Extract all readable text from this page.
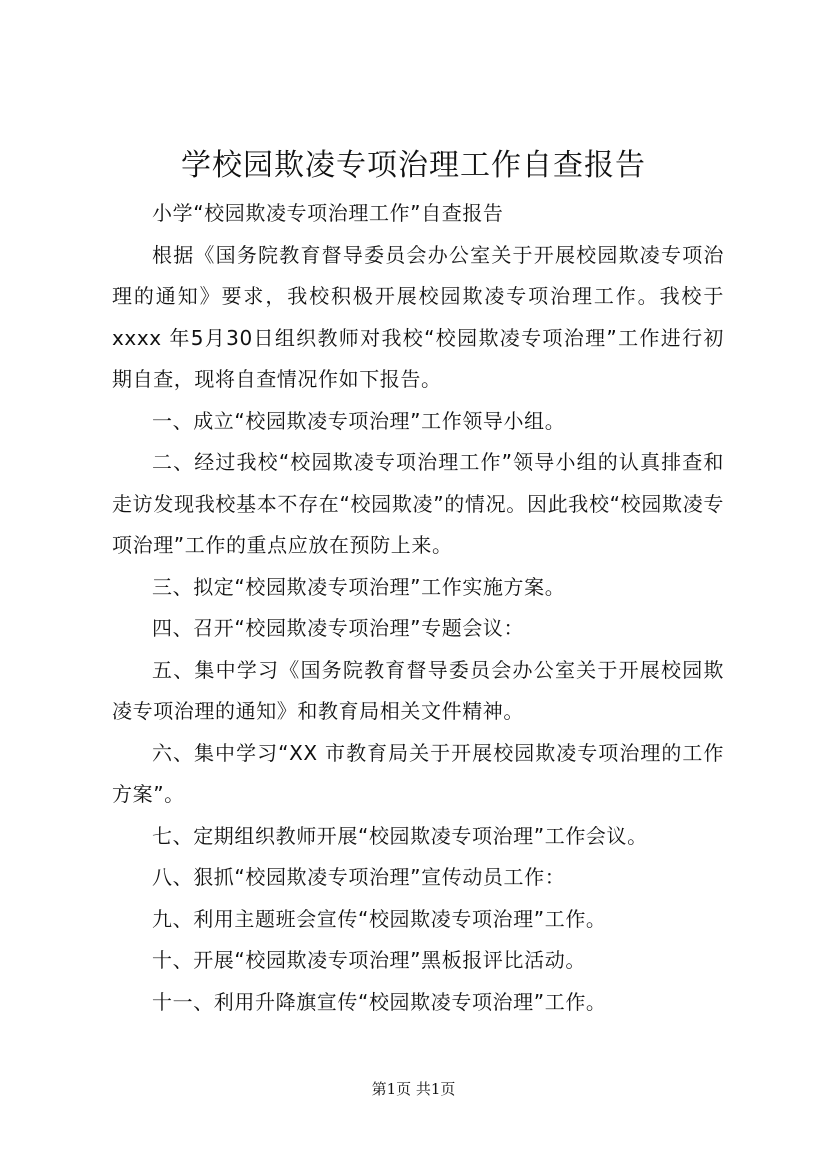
学校园欺凌专项治理工作自查报告

小学“校园欺凌专项治理工作”自查报告

根据《国务院教育督导委员会办公室关于开展校园欺凌专项治理的通知》要求，我校积极开展校园欺凌专项治理工作。我校于 xxxx 年5月30日组织教师对我校“校园欺凌专项治理”工作进行初期自查，现将自查情况作如下报告。

一、成立“校园欺凌专项治理”工作领导小组。

二、经过我校“校园欺凌专项治理工作”领导小组的认真排查和走访发现我校基本不存在“校园欺凌”的情况。因此我校“校园欺凌专项治理”工作的重点应放在预防上来。

三、拟定“校园欺凌专项治理”工作实施方案。

四、召开“校园欺凌专项治理”专题会议：

五、集中学习《国务院教育督导委员会办公室关于开展校园欺凌专项治理的通知》和教育局相关文件精神。

六、集中学习“XX 市教育局关于开展校园欺凌专项治理的工作方案”。

七、定期组织教师开展“校园欺凌专项治理”工作会议。

八、狠抓“校园欺凌专项治理”宣传动员工作：

九、利用主题班会宣传“校园欺凌专项治理”工作。

十、开展“校园欺凌专项治理”黑板报评比活动。

十一、利用升降旗宣传“校园欺凌专项治理”工作。

第1页 共1页
